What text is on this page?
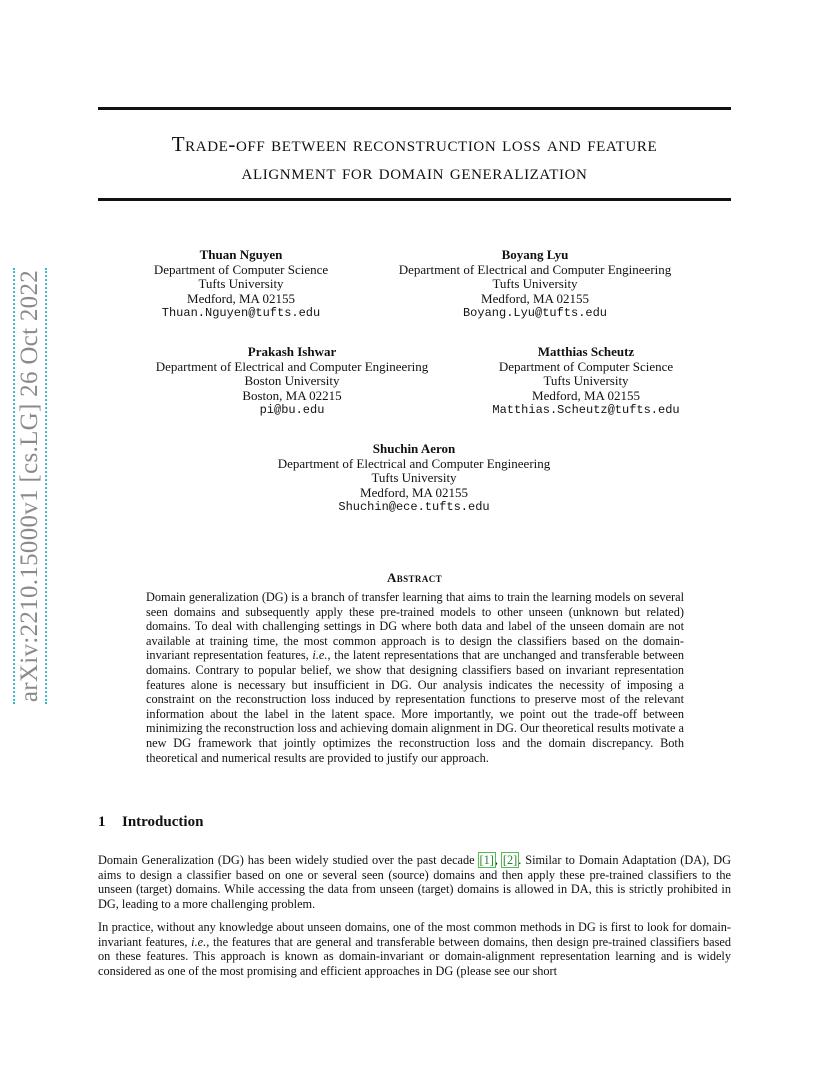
arXiv:2210.15000v1 [cs.LG] 26 Oct 2022
Trade-off between reconstruction loss and feature
alignment for domain generalization
Thuan Nguyen
Department of Computer Science
Tufts University
Medford, MA 02155
Thuan.Nguyen@tufts.edu
Boyang Lyu
Department of Electrical and Computer Engineering
Tufts University
Medford, MA 02155
Boyang.Lyu@tufts.edu
Prakash Ishwar
Department of Electrical and Computer Engineering
Boston University
Boston, MA 02215
pi@bu.edu
Matthias Scheutz
Department of Computer Science
Tufts University
Medford, MA 02155
Matthias.Scheutz@tufts.edu
Shuchin Aeron
Department of Electrical and Computer Engineering
Tufts University
Medford, MA 02155
Shuchin@ece.tufts.edu
Abstract
Domain generalization (DG) is a branch of transfer learning that aims to train the learning models on several seen domains and subsequently apply these pre-trained models to other unseen (unknown but related) domains. To deal with challenging settings in DG where both data and label of the unseen domain are not available at training time, the most common approach is to design the classifiers based on the domain-invariant representation features, i.e., the latent representations that are unchanged and transferable between domains. Contrary to popular belief, we show that designing classifiers based on invariant representation features alone is necessary but insufficient in DG. Our analysis indicates the necessity of imposing a constraint on the reconstruction loss induced by representation functions to preserve most of the relevant information about the label in the latent space. More importantly, we point out the trade-off between minimizing the reconstruction loss and achieving domain alignment in DG. Our theoretical results motivate a new DG framework that jointly optimizes the reconstruction loss and the domain discrepancy. Both theoretical and numerical results are provided to justify our approach.
1 Introduction
Domain Generalization (DG) has been widely studied over the past decade [1], [2]. Similar to Domain Adaptation (DA), DG aims to design a classifier based on one or several seen (source) domains and then apply these pre-trained classifiers to the unseen (target) domains. While accessing the data from unseen (target) domains is allowed in DA, this is strictly prohibited in DG, leading to a more challenging problem.
In practice, without any knowledge about unseen domains, one of the most common methods in DG is first to look for domain-invariant features, i.e., the features that are general and transferable between domains, then design pre-trained classifiers based on these features. This approach is known as domain-invariant or domain-alignment representation learning and is widely considered as one of the most promising and efficient approaches in DG (please see our short
